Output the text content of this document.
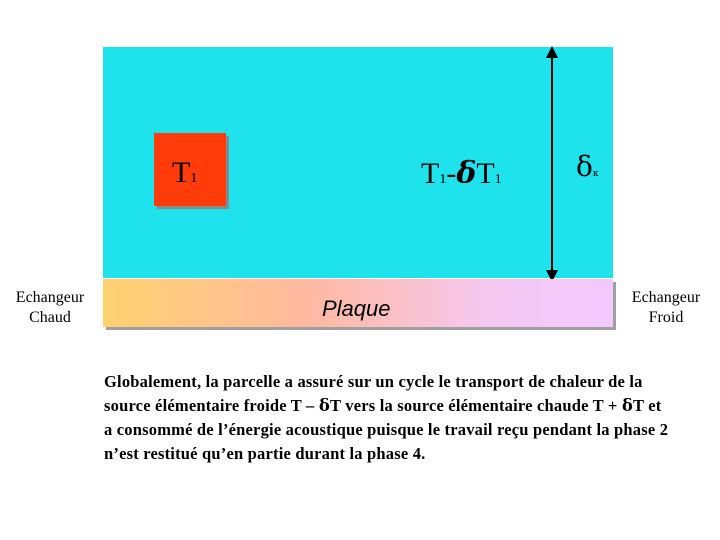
T1	T1-δT1	δκ
Plaque
Echangeur
Chaud
Echangeur
Froid
Globalement, la parcelle a assuré sur un cycle le transport de chaleur de la source élémentaire froide T – δT vers la source élémentaire chaude T + δT et a consommé de l’énergie acoustique puisque le travail reçu pendant la phase 2 n’est restitué qu’en partie durant la phase 4.
